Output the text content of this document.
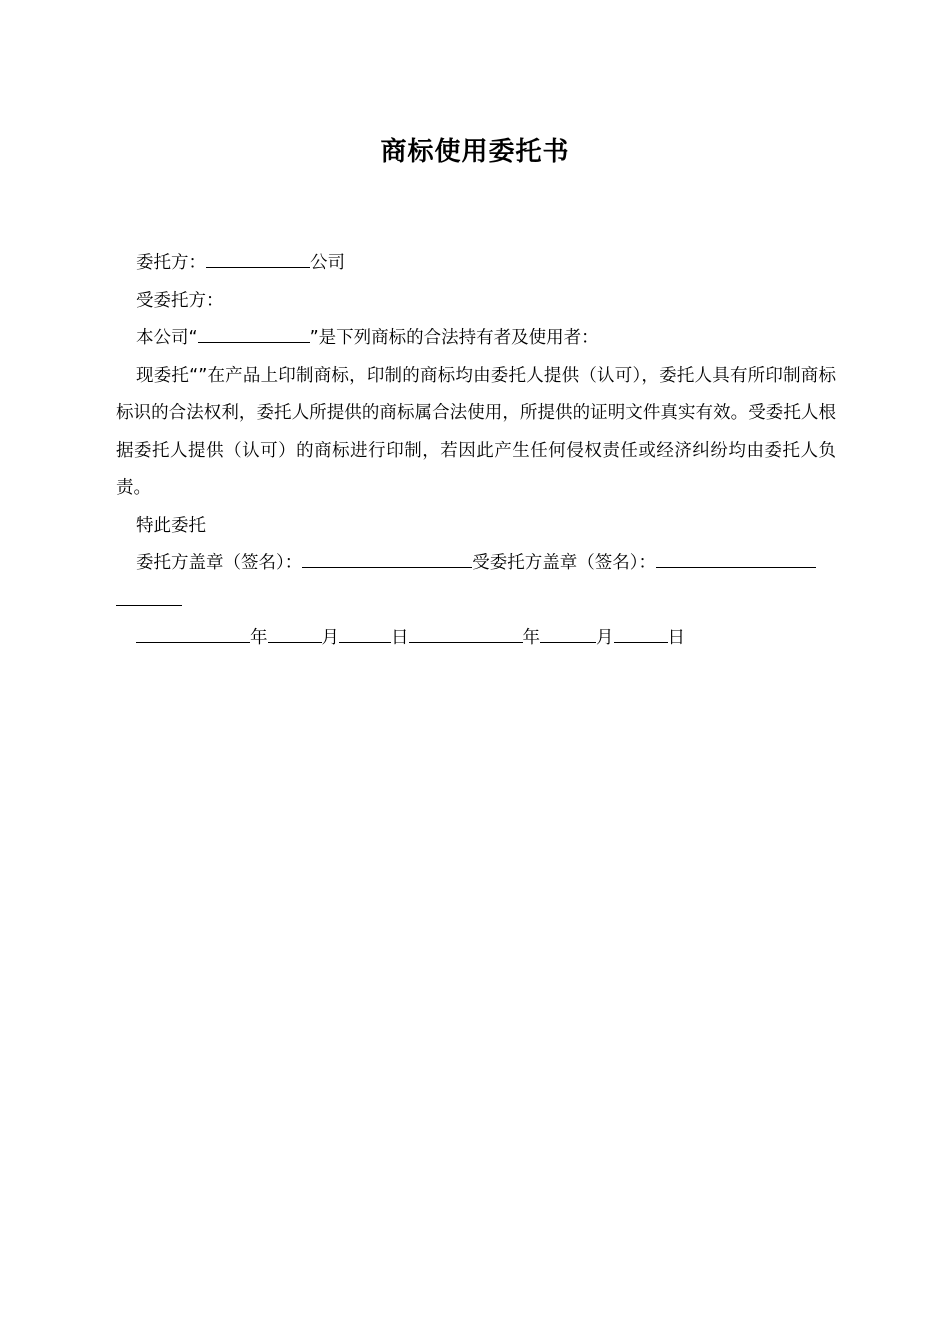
商标使用委托书

委托方：	公司

受委托方：

本公司“	”是下列商标的合法持有者及使用者：

现委托“”在产品上印制商标，印制的商标均由委托人提供（认可），委托人具有所印制商标标识的合法权利，委托人所提供的商标属合法使用，所提供的证明文件真实有效。受委托人根据委托人提供（认可）的商标进行印制，若因此产生任何侵权责任或经济纠纷均由委托人负责。

特此委托

委托方盖章（签名）：	受委托方盖章（签名）：

年	月	日	年	月	日
